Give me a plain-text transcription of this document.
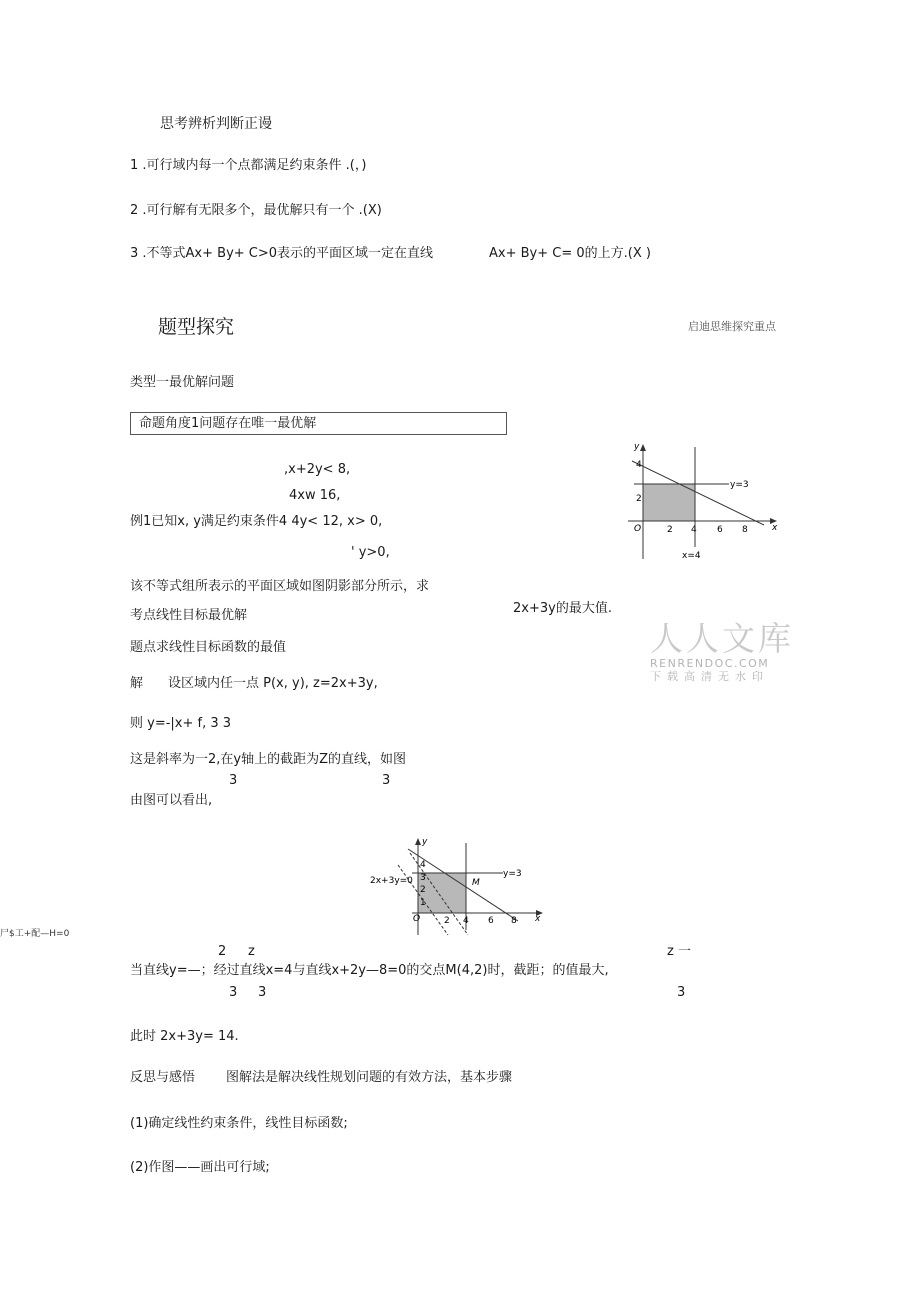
思考辨析判断正谩
1 .可行域内每一个点都满足约束条件 .(，)
2 .可行解有无限多个，最优解只有一个 .(X)
3 .不等式Ax+ By+ C>0表示的平面区域一定在直线	Ax+ By+ C= 0的上方.(X )
题型探究	启迪思维探究重点
类型一最优解问题
命题角度1问题存在唯一最优解
,x+2y< 8,
4xw 16,
例1已知x, y满足约束条件4 4y< 12, x> 0,
' y>0,
y
x
O
4
2
2 4 6 8
y=3
x=4
该不等式组所表示的平面区域如图阴影部分所示，求
2x+3y的最大值.
考点线性目标最优解
题点求线性目标函数的最值	人人文库
RENRENDOC.COM
下载高清无水印
解 设区域内任一点 P(x, y), z=2x+3y,
则 y=-|x+ f, 3 3
这是斜率为一2,在y轴上的截距为Z的直线，如图
3	3
由图可以看出,
y
x
O
4
3
2
1
2 4 6 8
y=3
M
2x+3y=0
尸$工+配—H=0
2 z	z 一
当直线y=—；经过直线x=4与直线x+2y—8=0的交点M(4,2)时，截距；的值最大,
3 3	3
此时 2x+3y= 14.
反思与感悟 图解法是解决线性规划问题的有效方法，基本步骤
(1)确定线性约束条件，线性目标函数;
(2)作图——画出可行域;
